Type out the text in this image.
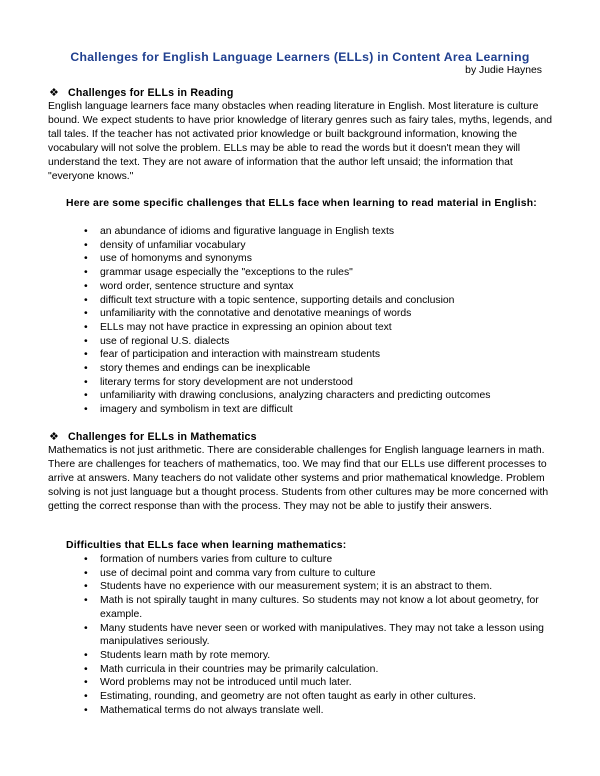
Challenges for English Language Learners (ELLs) in Content Area Learning

by Judie Haynes

❖ Challenges for ELLs in Reading

English language learners face many obstacles when reading literature in English. Most literature is culture bound. We expect students to have prior knowledge of literary genres such as fairy tales, myths, legends, and tall tales. If the teacher has not activated prior knowledge or built background information, knowing the vocabulary will not solve the problem. ELLs may be able to read the words but it doesn't mean they will understand the text. They are not aware of information that the author left unsaid; the information that "everyone knows."

Here are some specific challenges that ELLs face when learning to read material in English:

• an abundance of idioms and figurative language in English texts
• density of unfamiliar vocabulary
• use of homonyms and synonyms
• grammar usage especially the "exceptions to the rules"
• word order, sentence structure and syntax
• difficult text structure with a topic sentence, supporting details and conclusion
• unfamiliarity with the connotative and denotative meanings of words
• ELLs may not have practice in expressing an opinion about text
• use of regional U.S. dialects
• fear of participation and interaction with mainstream students
• story themes and endings can be inexplicable
• literary terms for story development are not understood
• unfamiliarity with drawing conclusions, analyzing characters and predicting outcomes
• imagery and symbolism in text are difficult
❖ Challenges for ELLs in Mathematics

Mathematics is not just arithmetic. There are considerable challenges for English language learners in math. There are challenges for teachers of mathematics, too. We may find that our ELLs use different processes to arrive at answers. Many teachers do not validate other systems and prior mathematical knowledge. Problem solving is not just language but a thought process. Students from other cultures may be more concerned with getting the correct response than with the process. They may not be able to justify their answers.

Difficulties that ELLs face when learning mathematics:

• formation of numbers varies from culture to culture
• use of decimal point and comma vary from culture to culture
• Students have no experience with our measurement system; it is an abstract to them.
• Math is not spirally taught in many cultures. So students may not know a lot about geometry, for example.
• Many students have never seen or worked with manipulatives. They may not take a lesson using manipulatives seriously.
• Students learn math by rote memory.
• Math curricula in their countries may be primarily calculation.
• Word problems may not be introduced until much later.
• Estimating, rounding, and geometry are not often taught as early in other cultures.
• Mathematical terms do not always translate well.
